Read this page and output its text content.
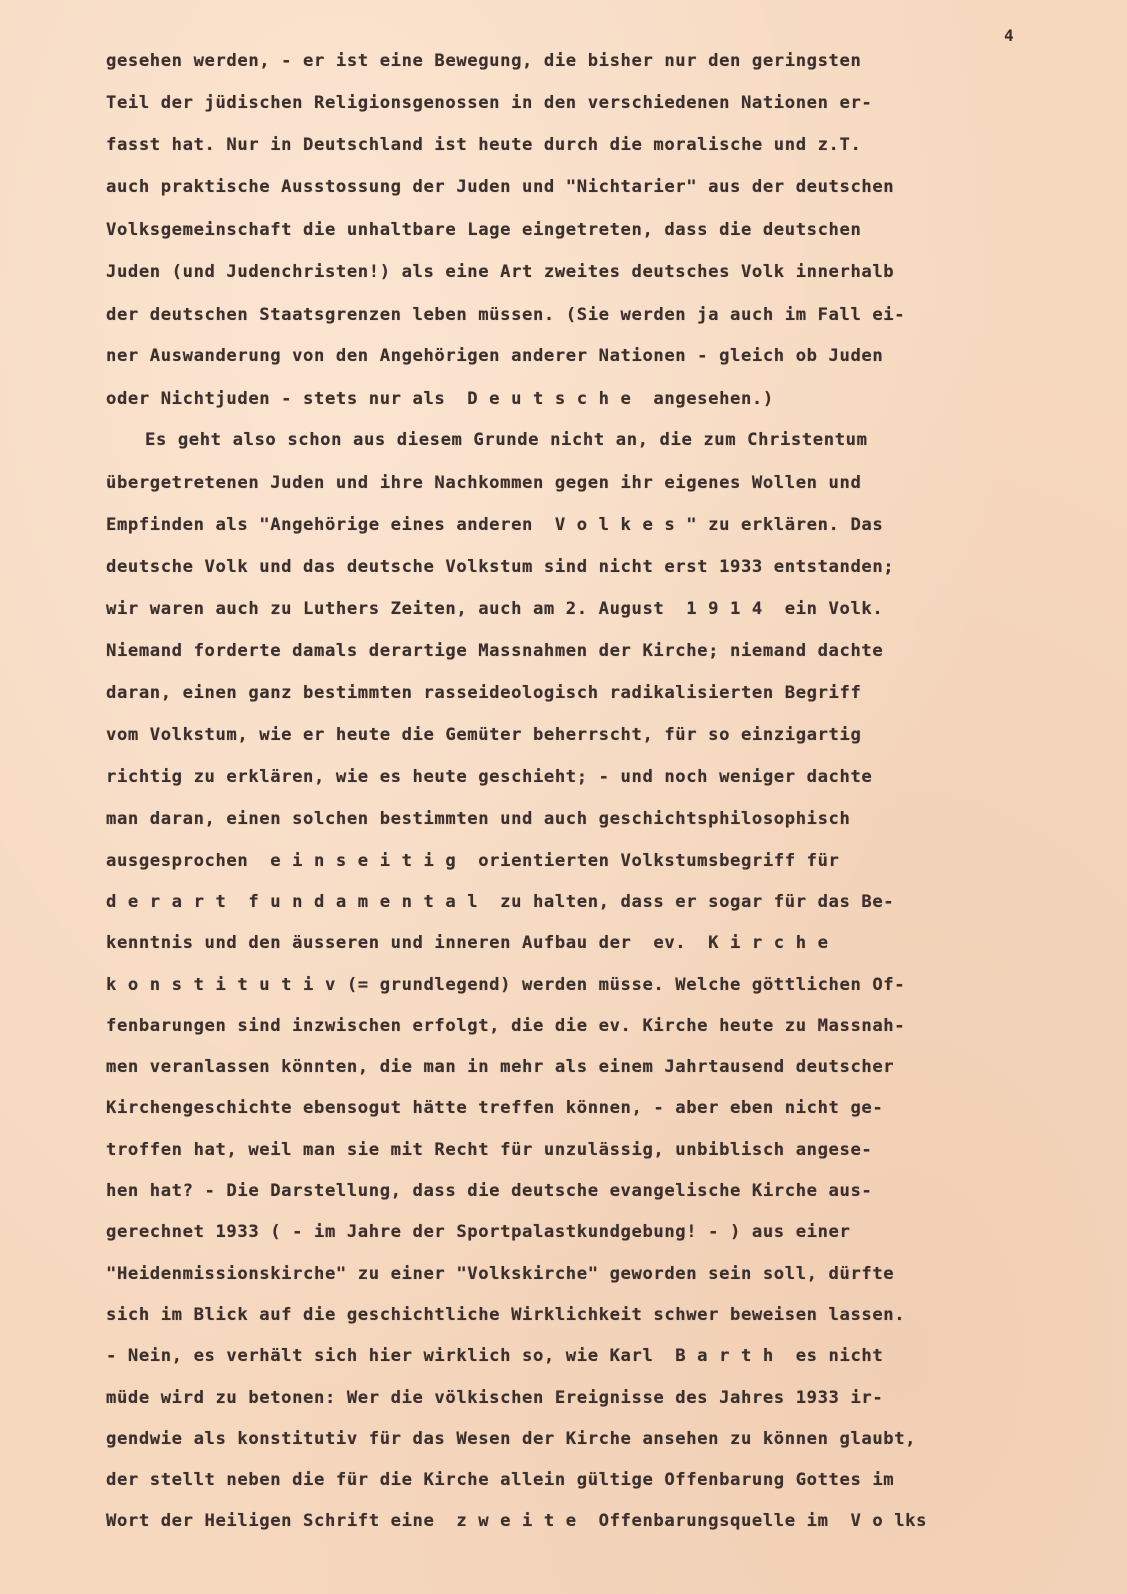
4
gesehen werden, - er ist eine Bewegung, die bisher nur den geringsten
Teil der jüdischen Religionsgenossen in den verschiedenen Nationen er-
fasst hat. Nur in Deutschland ist heute durch die moralische und z.T.
auch praktische Ausstossung der Juden und "Nichtarier" aus der deutschen
Volksgemeinschaft die unhaltbare Lage eingetreten, dass die deutschen
Juden (und Judenchristen!) als eine Art zweites deutsches Volk innerhalb
der deutschen Staatsgrenzen leben müssen. (Sie werden ja auch im Fall ei-
ner Auswanderung von den Angehörigen anderer Nationen - gleich ob Juden
oder Nichtjuden - stets nur als  D e u t s c h e  angesehen.)
Es geht also schon aus diesem Grunde nicht an, die zum Christentum
übergetretenen Juden und ihre Nachkommen gegen ihr eigenes Wollen und
Empfinden als "Angehörige eines anderen  V o l k e s " zu erklären. Das
deutsche Volk und das deutsche Volkstum sind nicht erst 1933 entstanden;
wir waren auch zu Luthers Zeiten, auch am 2. August  1 9 1 4  ein Volk.
Niemand forderte damals derartige Massnahmen der Kirche; niemand dachte
daran, einen ganz bestimmten rasseideologisch radikalisierten Begriff
vom Volkstum, wie er heute die Gemüter beherrscht, für so einzigartig
richtig zu erklären, wie es heute geschieht; - und noch weniger dachte
man daran, einen solchen bestimmten und auch geschichtsphilosophisch
ausgesprochen  e i n s e i t i g  orientierten Volkstumsbegriff für
d e r a r t  f u n d a m e n t a l  zu halten, dass er sogar für das Be-
kenntnis und den äusseren und inneren Aufbau der  ev.  K i r c h e
k o n s t i t u t i v (= grundlegend) werden müsse. Welche göttlichen Of-
fenbarungen sind inzwischen erfolgt, die die ev. Kirche heute zu Massnah-
men veranlassen könnten, die man in mehr als einem Jahrtausend deutscher
Kirchengeschichte ebensogut hätte treffen können, - aber eben nicht ge-
troffen hat, weil man sie mit Recht für unzulässig, unbiblisch angese-
hen hat? - Die Darstellung, dass die deutsche evangelische Kirche aus-
gerechnet 1933 ( - im Jahre der Sportpalastkundgebung! - ) aus einer
"Heidenmissionskirche" zu einer "Volkskirche" geworden sein soll, dürfte
sich im Blick auf die geschichtliche Wirklichkeit schwer beweisen lassen.
- Nein, es verhält sich hier wirklich so, wie Karl  B a r t h  es nicht
müde wird zu betonen: Wer die völkischen Ereignisse des Jahres 1933 ir-
gendwie als konstitutiv für das Wesen der Kirche ansehen zu können glaubt,
der stellt neben die für die Kirche allein gültige Offenbarung Gottes im
Wort der Heiligen Schrift eine  z w e i t e  Offenbarungsquelle im  V o lks
